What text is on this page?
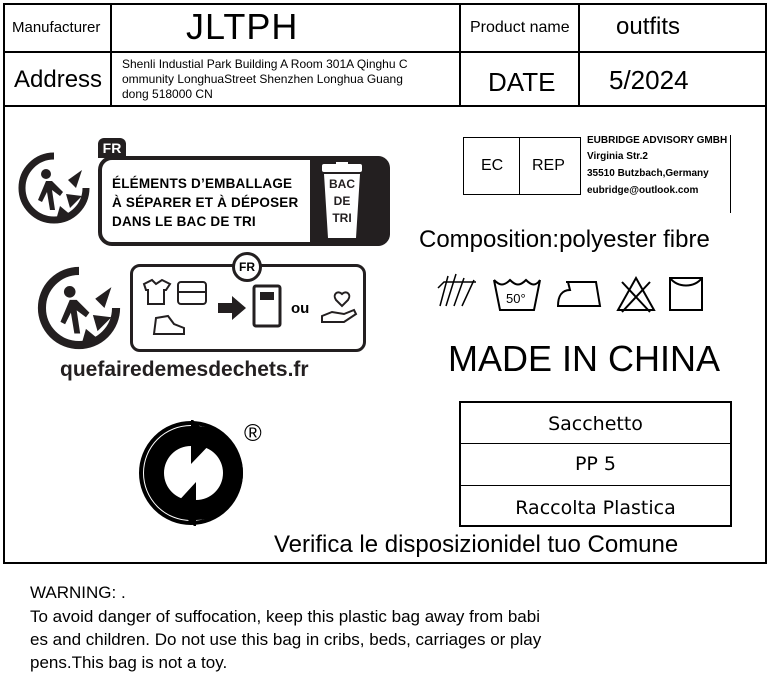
Manufacturer JLTPH	Product name outfits
Address
Shenli Industial Park Building A Room 301A Qinghu C
ommunity LonghuaStreet Shenzhen Longhua Guang
dong 518000 CN	DATE 5/2024
FR
ÉLÉMENTS D’EMBALLAGE
À SÉPARER ET À DÉPOSER
DANS LE BAC DE TRI
BAC
DE
TRI
FR
ou
quefairedemesdechets.fr
®
EC REP
EUBRIDGE ADVISORY GMBH
Virginia Str.2
35510 Butzbach,Germany
eubridge@outlook.com
Composition:polyester fibre
50°
MADE IN CHINA
Sacchetto
PP 5
Raccolta Plastica
Verifica le disposizionidel tuo Comune
WARNING: .
To avoid danger of suffocation, keep this plastic bag away from babi
es and children. Do not use this bag in cribs, beds, carriages or play
pens.This bag is not a toy.
